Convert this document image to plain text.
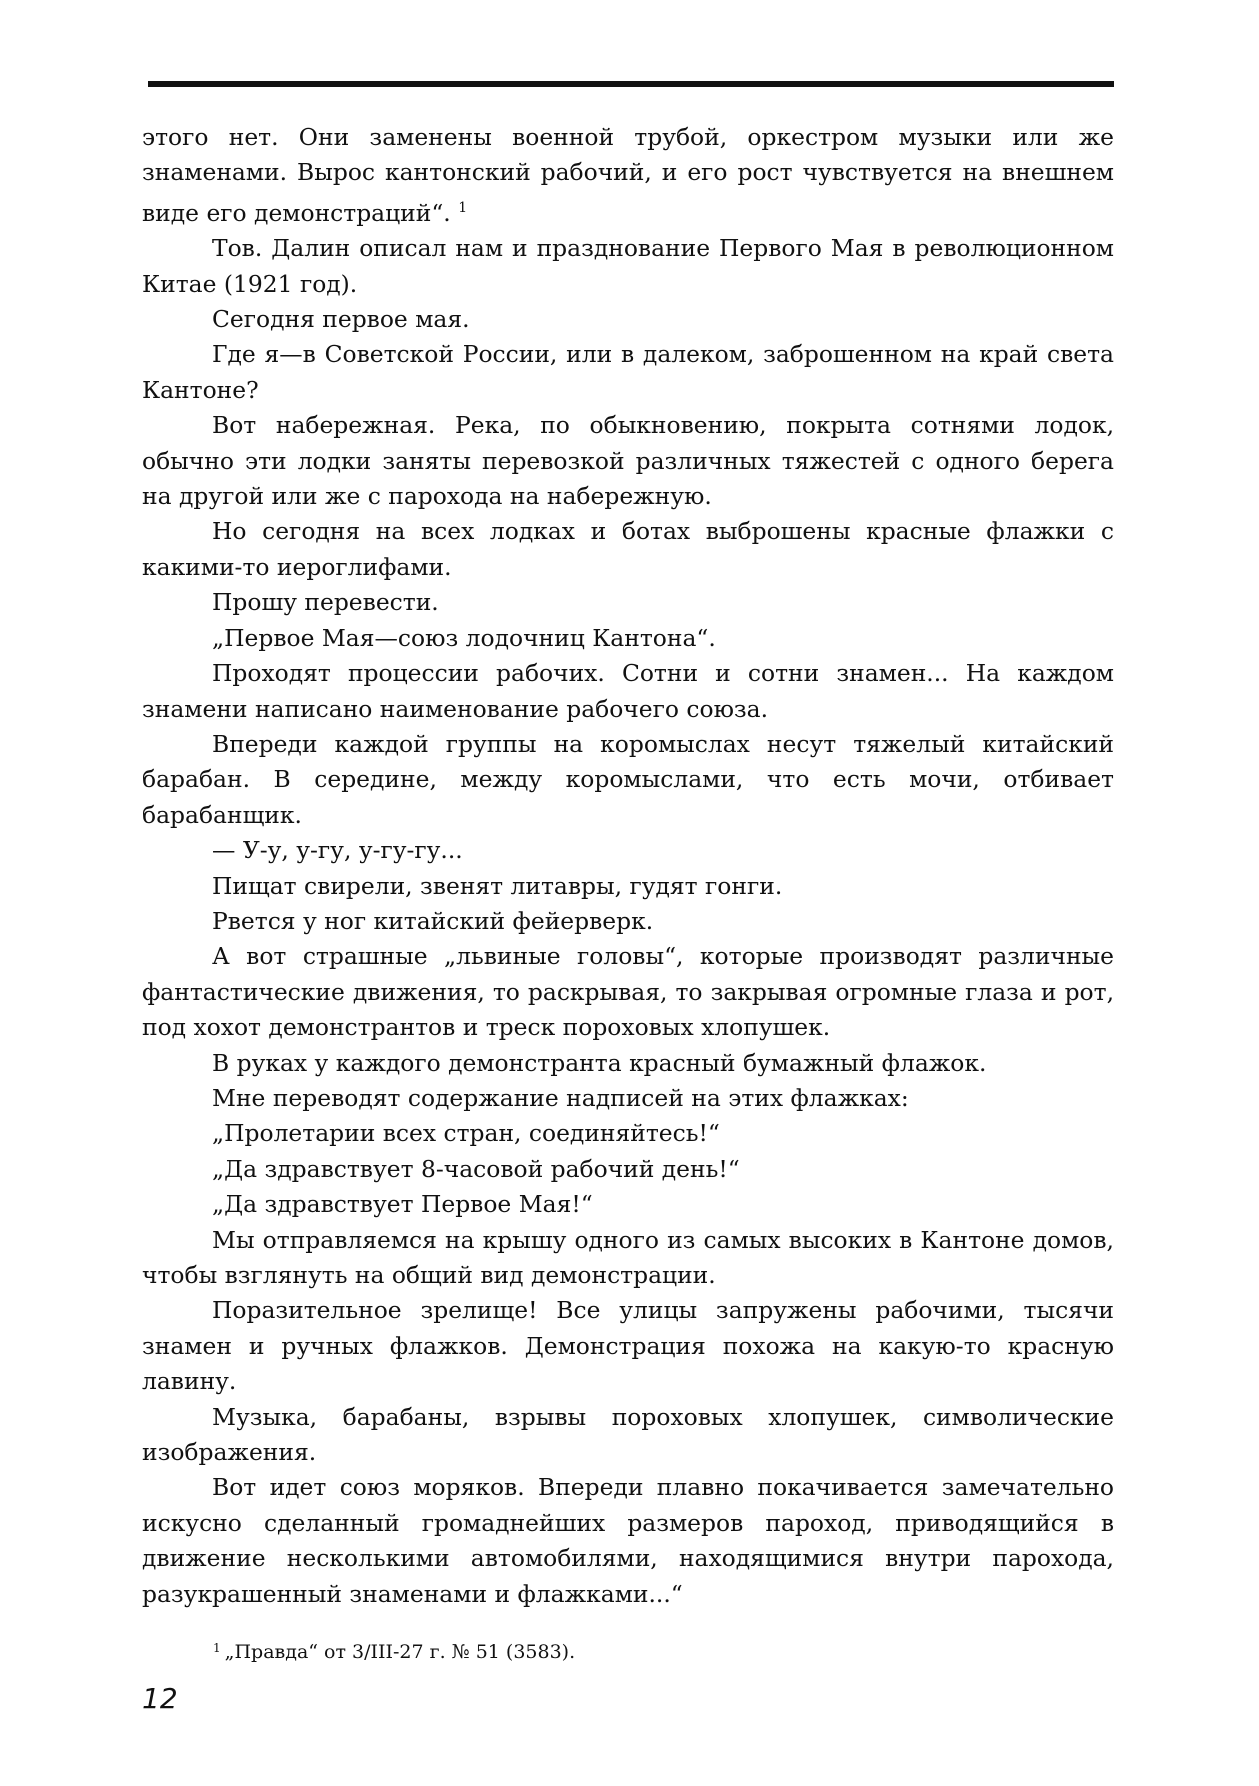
этого нет. Они заменены военной трубой, оркестром музыки или же знаменами. Вырос кантонский рабочий, и его рост чувствуется на внешнем виде его демонстраций“. $^1$

Тов. Далин описал нам и празднование Первого Мая в революционном Китае (1921 год).

Сегодня первое мая.

Где я—в Советской России, или в далеком, заброшенном на край света Кантоне?

Вот набережная. Река, по обыкновению, покрыта сотнями лодок, обычно эти лодки заняты перевозкой различных тяжестей с одного берега на другой или же с парохода на набережную.

Но сегодня на всех лодках и ботах выброшены красные флажки с какими-то иероглифами.

Прошу перевести.

„Первое Мая—союз лодочниц Кантона“.

Проходят процессии рабочих. Сотни и сотни знамен... На каждом знамени написано наименование рабочего союза.

Впереди каждой группы на коромыслах несут тяжелый китайский барабан. В середине, между коромыслами, что есть мочи, отбивает барабанщик.

— У-у, у-гу, у-гу-гу...

Пищат свирели, звенят литавры, гудят гонги.

Рвется у ног китайский фейерверк.

А вот страшные „львиные головы“, которые производят различные фантастические движения, то раскрывая, то закрывая огромные глаза и рот, под хохот демонстрантов и треск пороховых хлопушек.

В руках у каждого демонстранта красный бумажный флажок.

Мне переводят содержание надписей на этих флажках:

„Пролетарии всех стран, соединяйтесь!“

„Да здравствует 8-часовой рабочий день!“

„Да здравствует Первое Мая!“

Мы отправляемся на крышу одного из самых высоких в Кантоне домов, чтобы взглянуть на общий вид демонстрации.

Поразительное зрелище! Все улицы запружены рабочими, тысячи знамен и ручных флажков. Демонстрация похожа на какую-то красную лавину.

Музыка, барабаны, взрывы пороховых хлопушек, символические изображения.

Вот идет союз моряков. Впереди плавно покачивается замечательно искусно сделанный громаднейших размеров пароход, приводящийся в движение несколькими автомобилями, находящимися внутри парохода, разукрашенный знаменами и флажками...“

$^1$ „Правда“ от 3/III-27 г. № 51 (3583).
12
